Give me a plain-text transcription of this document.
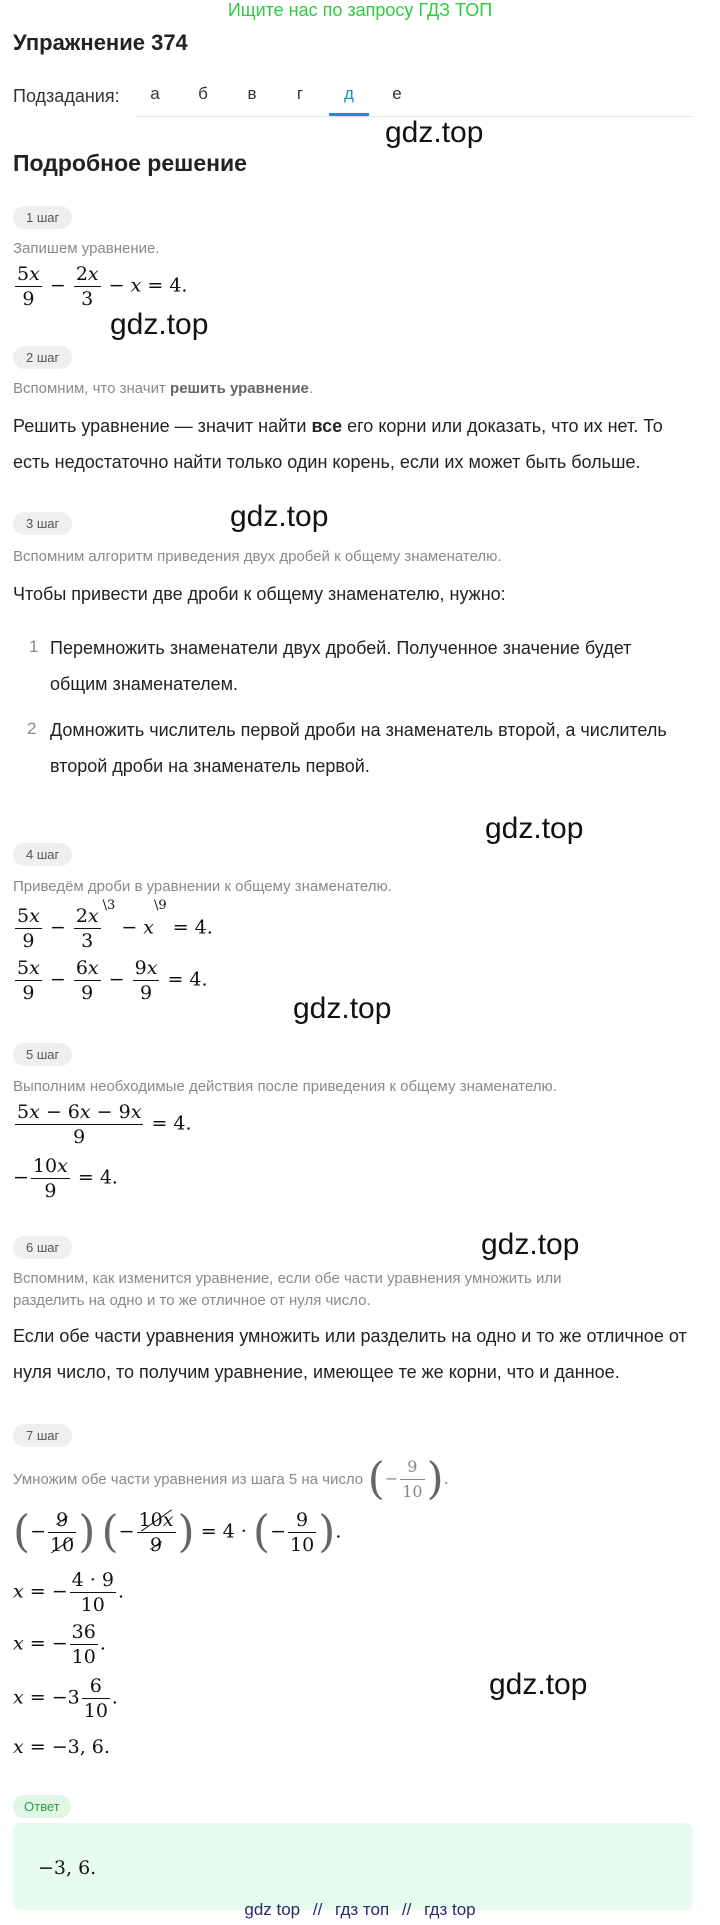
Ищите нас по запросу ГДЗ ТОП
Упражнение 374
Подзадания:	а	б	в	г	д	е
gdz.top
gdz.top
gdz.top
gdz.top
gdz.top
gdz.top
gdz.top
Подробное решение
1 шаг
Запишем уравнение.
$\frac{5x}{9} - \frac{2x}{3} - x = 4$.
2 шаг
Вспомним, что значит решить уравнение.
Решить уравнение — значит найти все его корни или доказать, что их нет. То есть недостаточно найти только один корень, если их может быть больше.
3 шаг
Вспомним алгоритм приведения двух дробей к общему знаменателю.
Чтобы привести две дроби к общему знаменателю, нужно:
1 Перемножить знаменатели двух дробей. Полученное значение будет общим знаменателем.
2 Домножить числитель первой дроби на знаменатель второй, а числитель второй дроби на знаменатель первой.
4 шаг
Приведём дроби в уравнении к общему знаменателю.
$\frac{5x}{9} - \frac{2x}{3} ^{\backslash 3} - x^{\backslash 9} = 4$.
$\frac{5x}{9} - \frac{6x}{9} - \frac{9x}{9} = 4$.
5 шаг
Выполним необходимые действия после приведения к общему знаменателю.
$\frac{5x - 6x - 9x}{9} = 4$.
− $\frac{10x}{9} = 4$.
6 шаг
Вспомним, как изменится уравнение, если обе части уравнения умножить или разделить на одно и то же отличное от нуля число.
Если обе части уравнения умножить или разделить на одно и то же отличное от нуля число, то получим уравнение, имеющее те же корни, что и данное.
7 шаг
Умножим обе части уравнения из шага 5 на число (− $\frac{9}{10}$ ).
(− $\frac{9}{10}$ ) (− $\frac{10x}{9}$ ) = 4 · (− $\frac{9}{10}$ ).
x = − $\frac{4 \cdot 9}{10}$ .
x = − $\frac{36}{10}$ .
$x = -3 \frac{6}{10}$ .
x = −3, 6.
Ответ
−3, 6.
gdz top // гдз топ // гдз top
